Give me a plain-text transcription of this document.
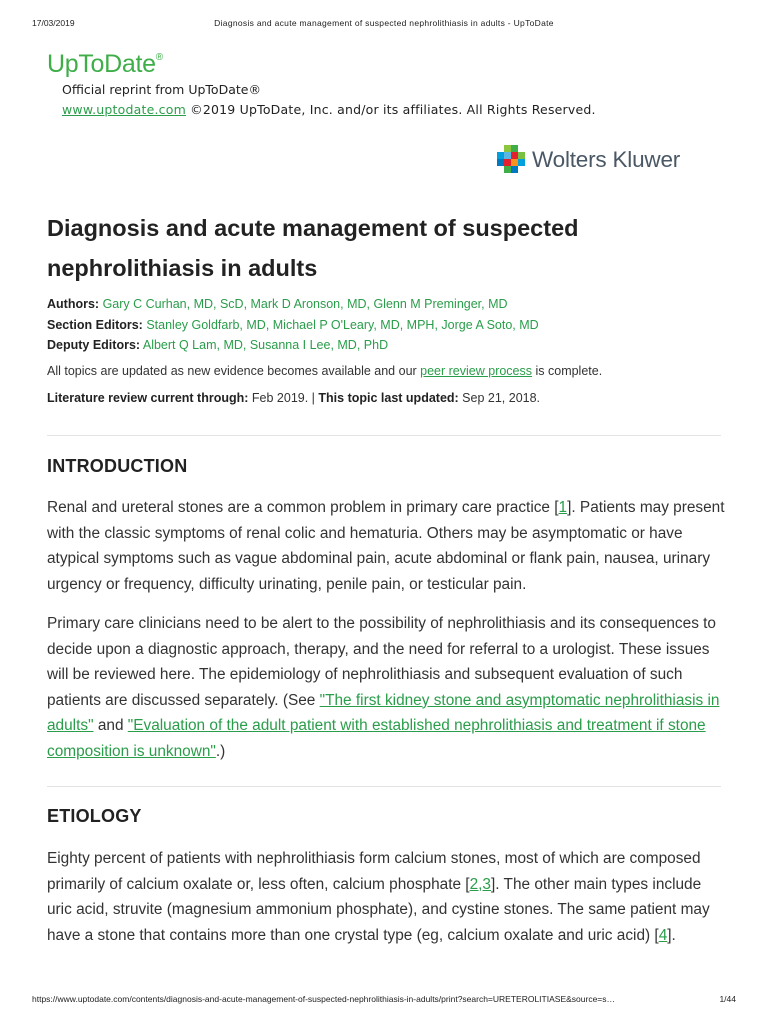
17/03/2019	Diagnosis and acute management of suspected nephrolithiasis in adults - UpToDate
UpToDate®
Official reprint from UpToDate®
www.uptodate.com ©2019 UpToDate, Inc. and/or its affiliates. All Rights Reserved.
Wolters Kluwer
Diagnosis and acute management of suspected nephrolithiasis in adults
Authors: Gary C Curhan, MD, ScD, Mark D Aronson, MD, Glenn M Preminger, MD
Section Editors: Stanley Goldfarb, MD, Michael P O'Leary, MD, MPH, Jorge A Soto, MD
Deputy Editors: Albert Q Lam, MD, Susanna I Lee, MD, PhD
All topics are updated as new evidence becomes available and our peer review process is complete.
Literature review current through: Feb 2019. | This topic last updated: Sep 21, 2018.
INTRODUCTION
Renal and ureteral stones are a common problem in primary care practice [1]. Patients may present with the classic symptoms of renal colic and hematuria. Others may be asymptomatic or have atypical symptoms such as vague abdominal pain, acute abdominal or flank pain, nausea, urinary urgency or frequency, difficulty urinating, penile pain, or testicular pain.
Primary care clinicians need to be alert to the possibility of nephrolithiasis and its consequences to decide upon a diagnostic approach, therapy, and the need for referral to a urologist. These issues will be reviewed here. The epidemiology of nephrolithiasis and subsequent evaluation of such patients are discussed separately. (See "The first kidney stone and asymptomatic nephrolithiasis in adults" and "Evaluation of the adult patient with established nephrolithiasis and treatment if stone composition is unknown".)
ETIOLOGY
Eighty percent of patients with nephrolithiasis form calcium stones, most of which are composed primarily of calcium oxalate or, less often, calcium phosphate [2,3]. The other main types include uric acid, struvite (magnesium ammonium phosphate), and cystine stones. The same patient may have a stone that contains more than one crystal type (eg, calcium oxalate and uric acid) [4].
https://www.uptodate.com/contents/diagnosis-and-acute-management-of-suspected-nephrolithiasis-in-adults/print?search=URETEROLITIASE&source=s…	1/44
